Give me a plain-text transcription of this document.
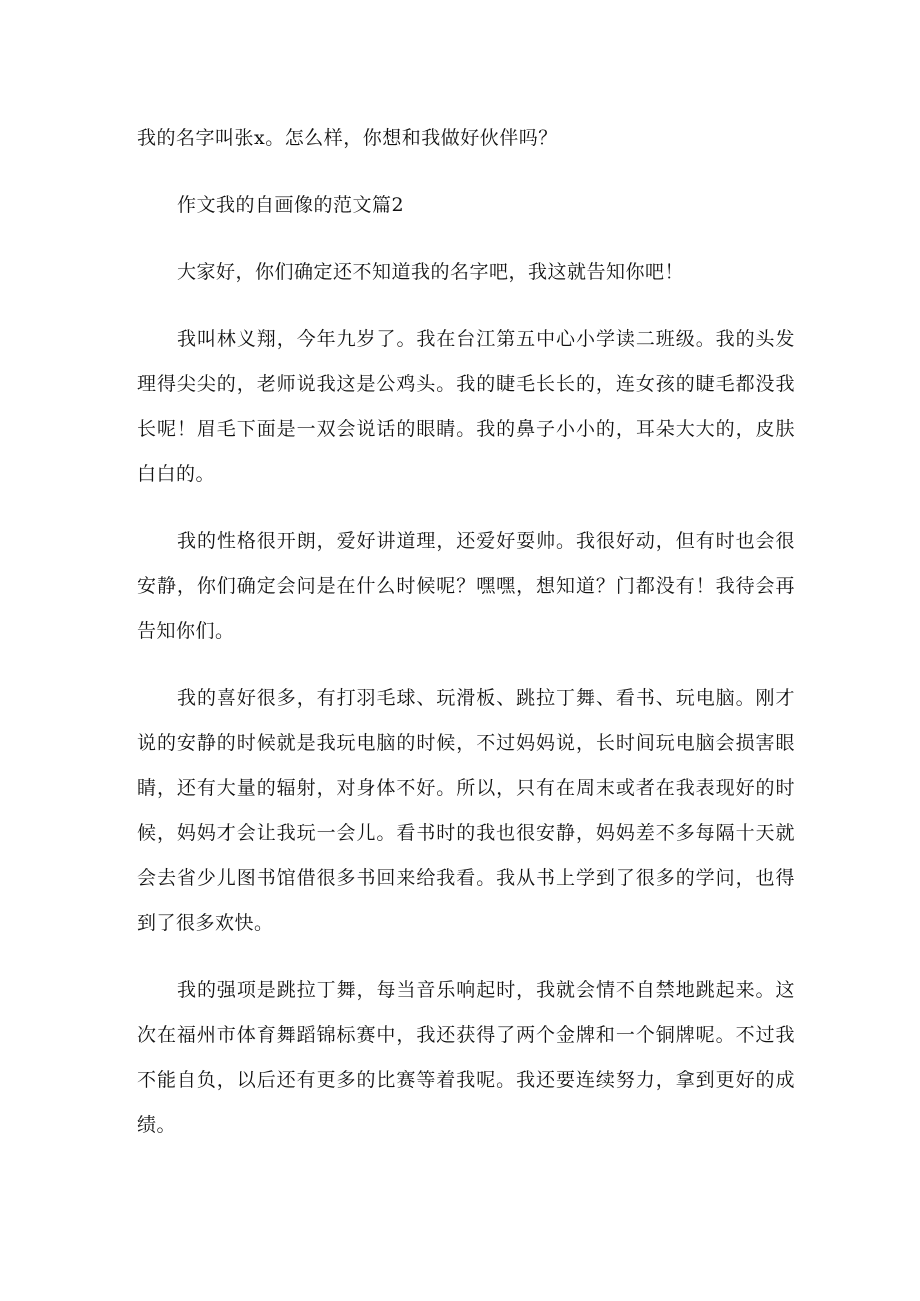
我的名字叫张x。怎么样，你想和我做好伙伴吗？

作文我的自画像的范文篇2

大家好，你们确定还不知道我的名字吧，我这就告知你吧！

我叫林义翔，今年九岁了。我在台江第五中心小学读二班级。我的头发理得尖尖的，老师说我这是公鸡头。我的睫毛长长的，连女孩的睫毛都没我长呢！眉毛下面是一双会说话的眼睛。我的鼻子小小的，耳朵大大的，皮肤白白的。

我的性格很开朗，爱好讲道理，还爱好耍帅。我很好动，但有时也会很安静，你们确定会问是在什么时候呢？嘿嘿，想知道？门都没有！我待会再告知你们。

我的喜好很多，有打羽毛球、玩滑板、跳拉丁舞、看书、玩电脑。刚才说的安静的时候就是我玩电脑的时候，不过妈妈说，长时间玩电脑会损害眼睛，还有大量的辐射，对身体不好。所以，只有在周末或者在我表现好的时候，妈妈才会让我玩一会儿。看书时的我也很安静，妈妈差不多每隔十天就会去省少儿图书馆借很多书回来给我看。我从书上学到了很多的学问，也得到了很多欢快。

我的强项是跳拉丁舞，每当音乐响起时，我就会情不自禁地跳起来。这次在福州市体育舞蹈锦标赛中，我还获得了两个金牌和一个铜牌呢。不过我不能自负，以后还有更多的比赛等着我呢。我还要连续努力，拿到更好的成绩。
